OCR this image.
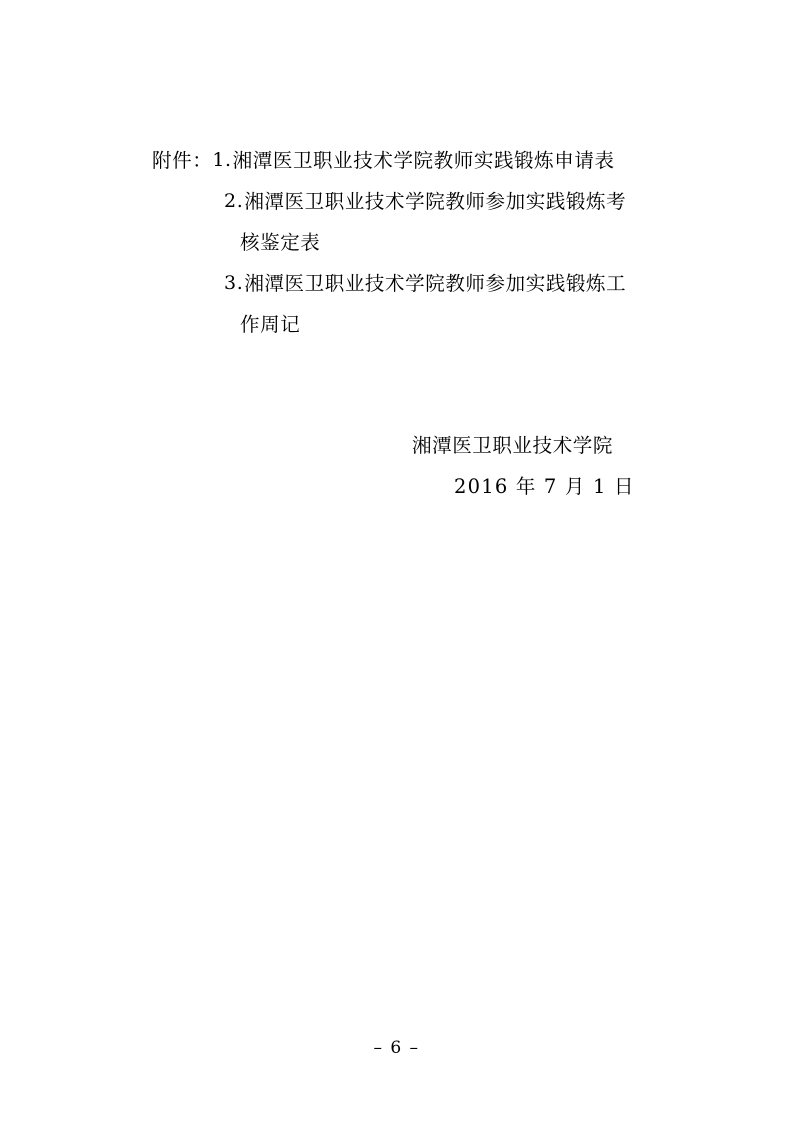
附件： 1. 湘潭医卫职业技术学院教师实践锻炼申请表
2. 湘潭医卫职业技术学院教师参加实践锻炼考
核鉴定表
3. 湘潭医卫职业技术学院教师参加实践锻炼工
作周记
湘潭医卫职业技术学院
2016 年 7 月 1 日
– 6 –
